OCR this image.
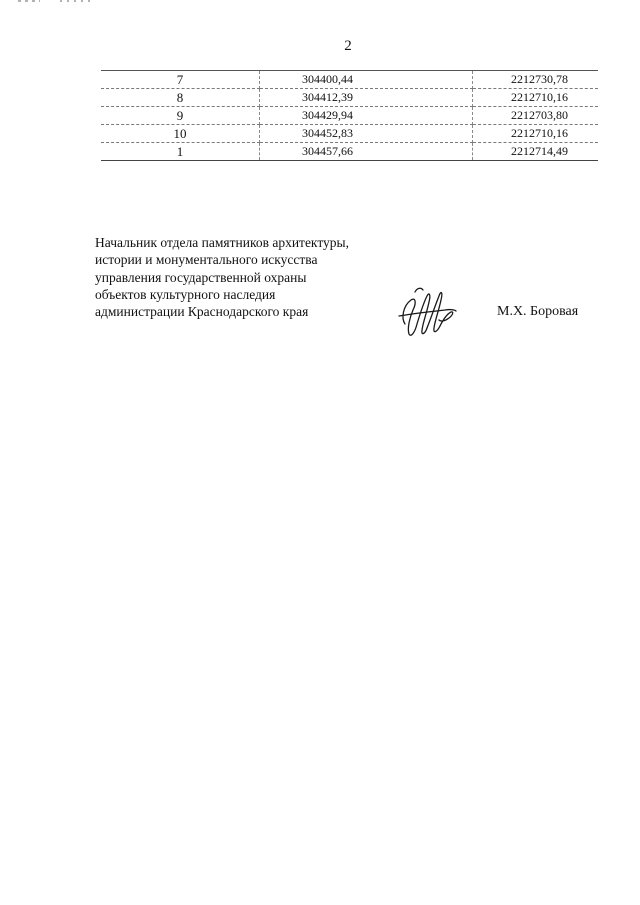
2
7	304400,44	2212730,78
8	304412,39	2212710,16
9	304429,94	2212703,80
10	304452,83	2212710,16
1	304457,66	2212714,49
Начальник отдела памятников архитектуры,
истории и монументального искусства
управления государственной охраны
объектов культурного наследия
администрации Краснодарского края	М.Х. Боровая
